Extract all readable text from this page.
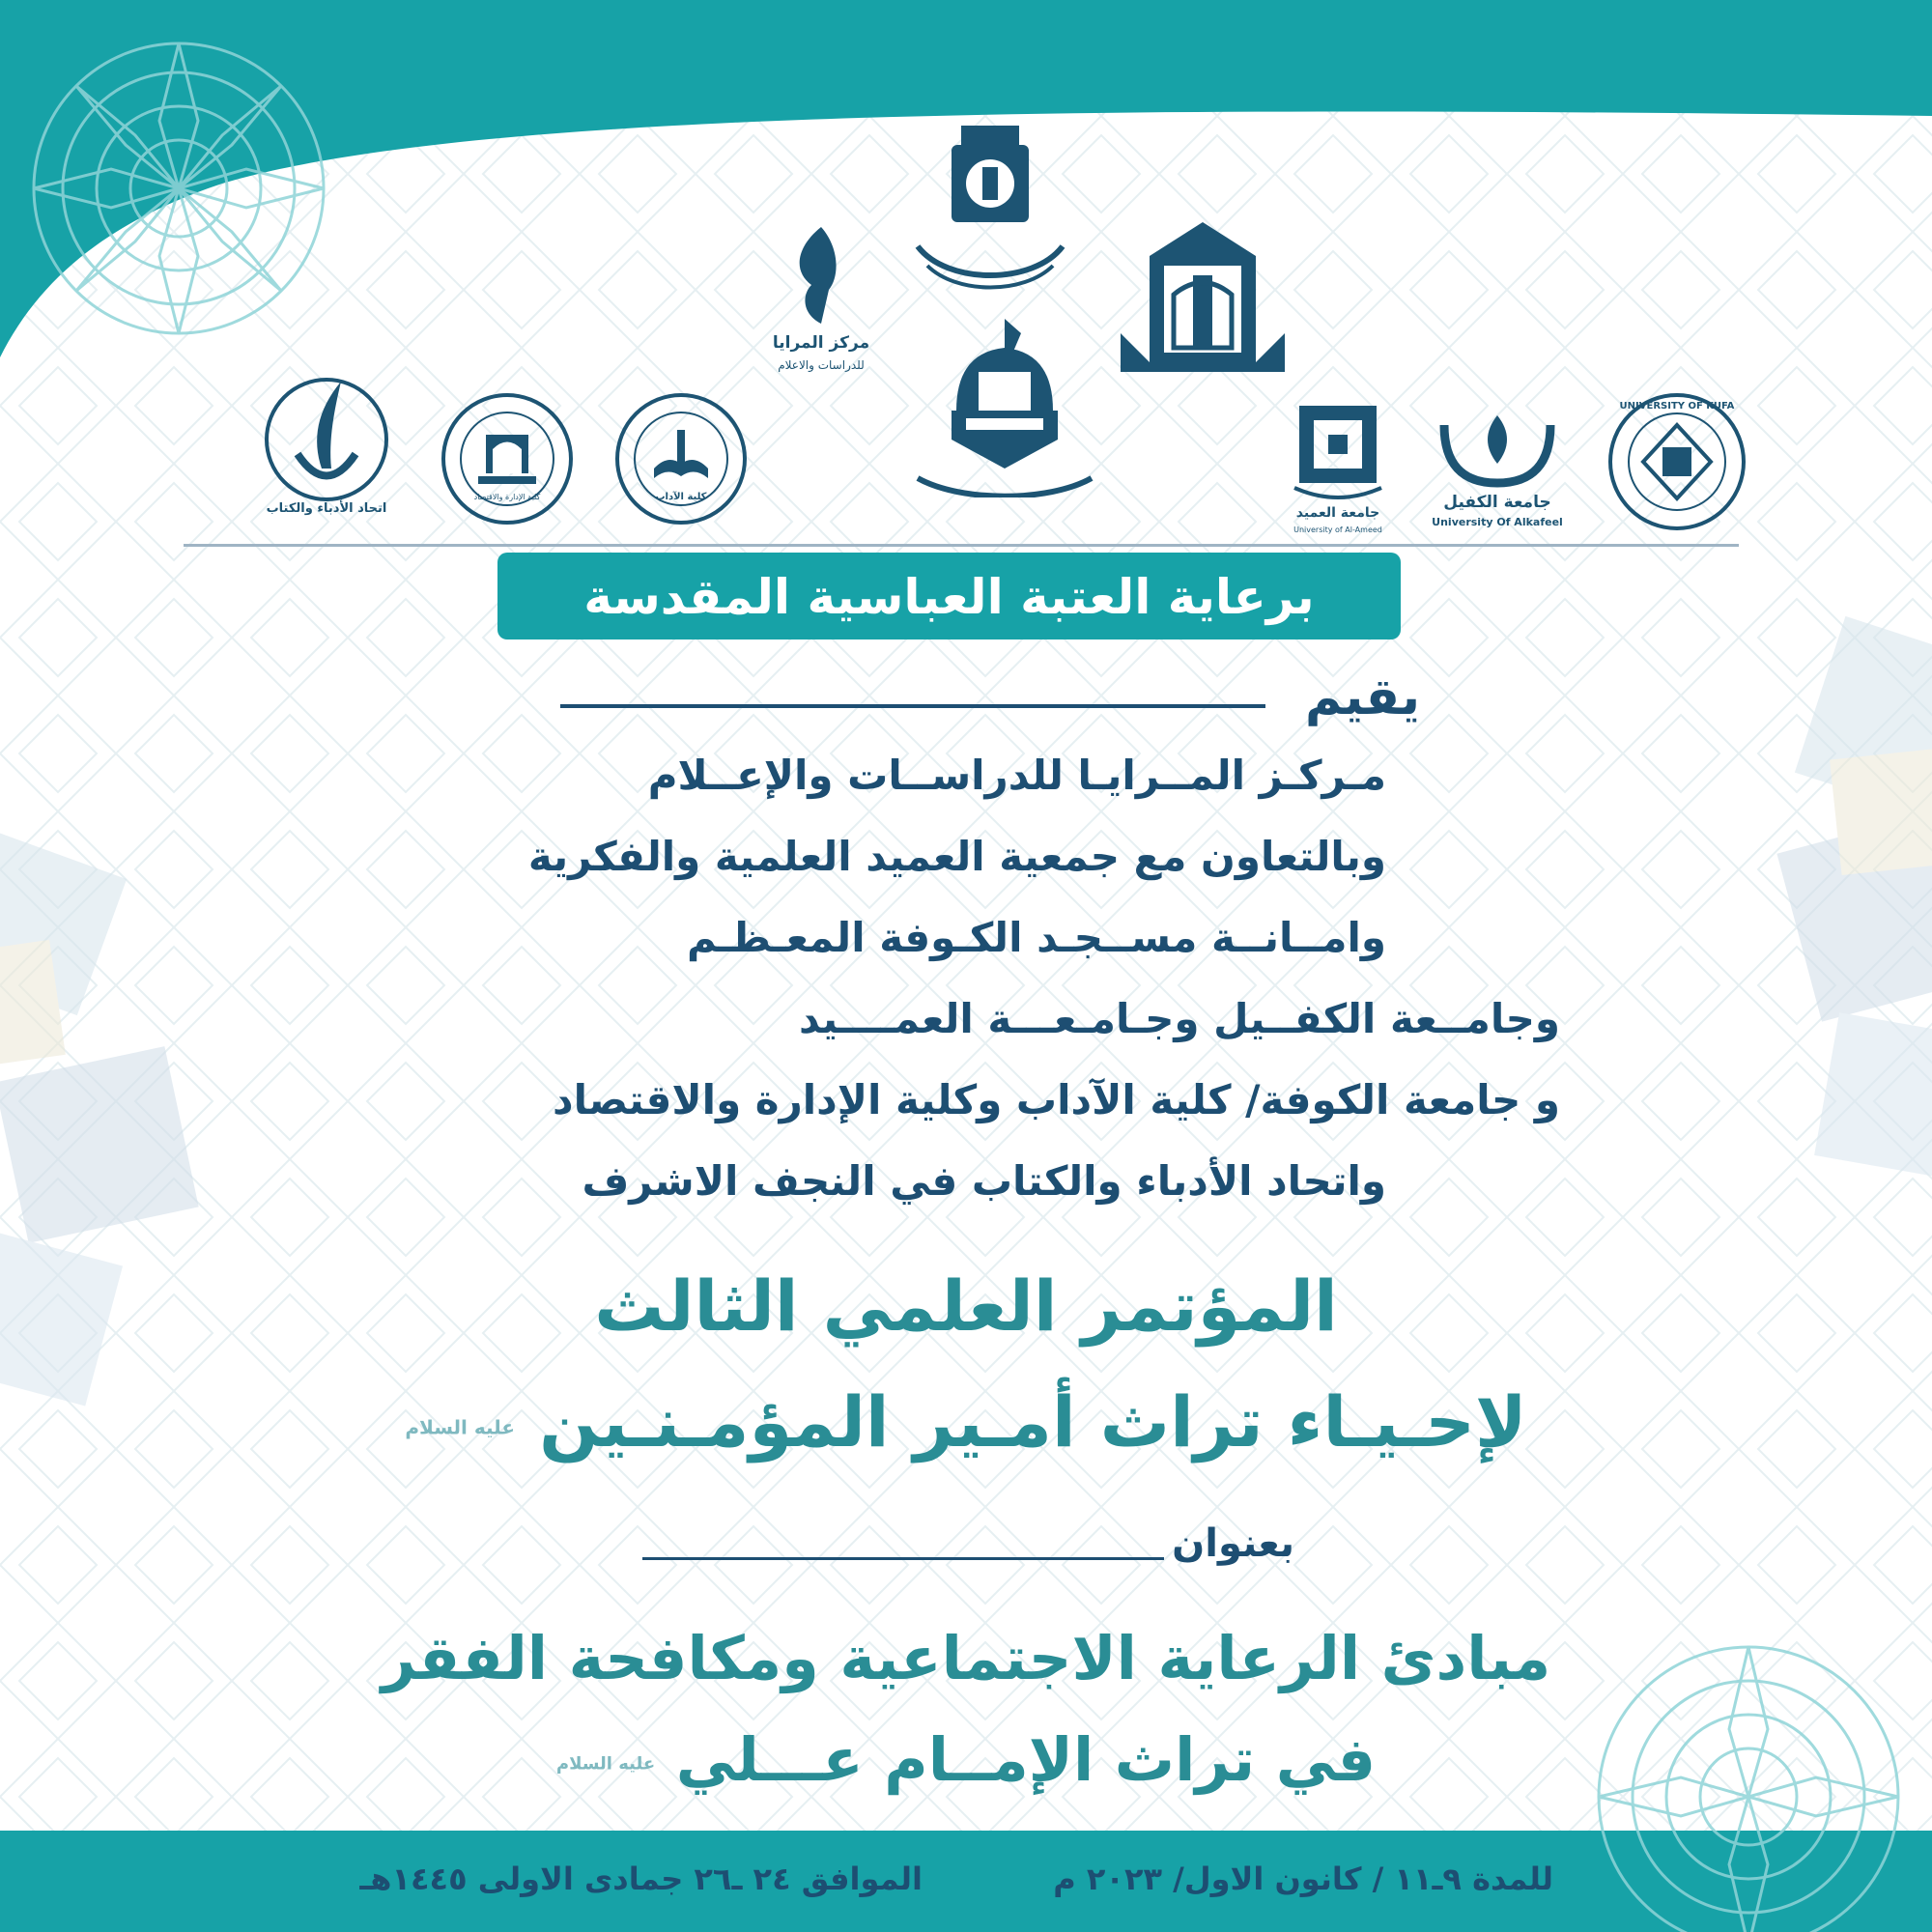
مركز المرايا
للدراسات والاعلام
اتحاد الأدباء والكتاب
كلية الإدارة والاقتصاد	كلية الآداب
جامعة العميد
University of Al-Ameed
جامعة الكفيل
University Of Alkafeel
UNIVERSITY OF KUFA
برعاية العتبة العباسية المقدسة
يقيم
مـركـز المــرايـا للدراســات والإعــلام
وبالتعاون مع جمعية العميد العلمية والفكرية
وامــانــة مســجـد الكـوفة المعـظـم
وجامــعة الكفــيل وجـامـعـــة العمــــيد
و جامعة الكوفة/ كلية الآداب وكلية الإدارة والاقتصاد
واتحاد الأدباء والكتاب في النجف الاشرف
المؤتمر العلمي الثالث
لإحـيـاء تراث أمـير المؤمـنـين عليه السلام
بعنوان
مبادئ الرعاية الاجتماعية ومكافحة الفقر
في تراث الإمــام عـــلي عليه السلام
للمدة ٩ـ١١ / كانون الاول/ ٢٠٢٣ م
الموافق ٢٤ ـ٢٦ جمادى الاولى ١٤٤٥هـ
